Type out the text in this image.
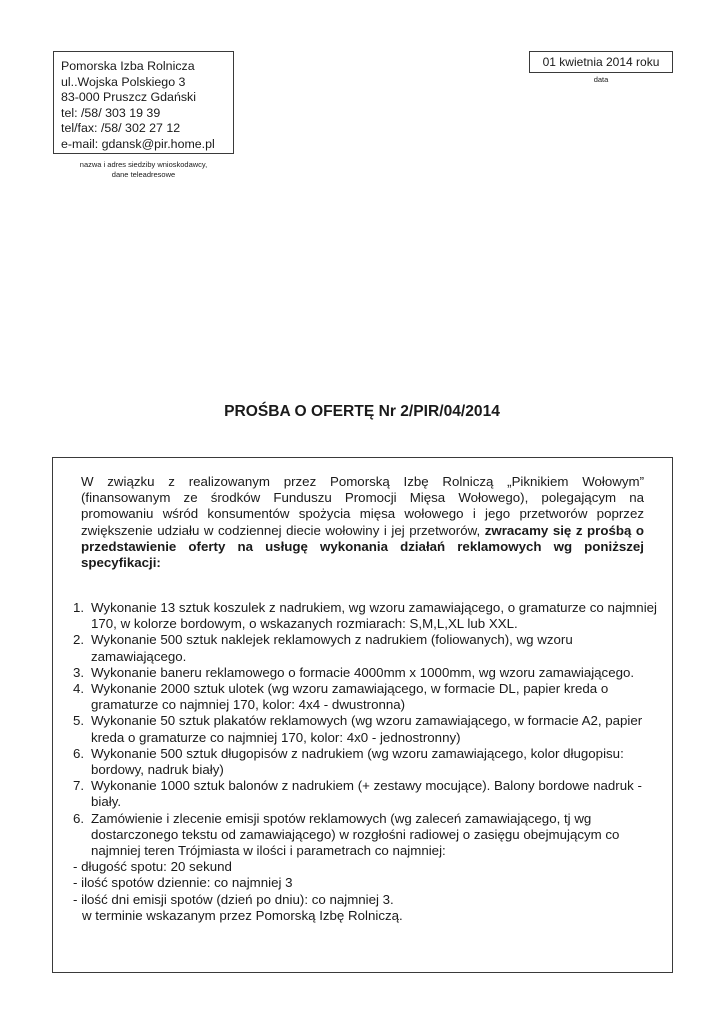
Pomorska Izba Rolnicza
ul..Wojska Polskiego 3
83-000 Pruszcz Gdański
tel: /58/ 303 19 39
tel/fax: /58/ 302 27 12
e-mail: gdansk@pir.home.pl
nazwa i adres siedziby wnioskodawcy,
dane teleadresowe
01 kwietnia 2014 roku
data
PROŚBA O OFERTĘ Nr 2/PIR/04/2014

W związku z realizowanym przez Pomorską Izbę Rolniczą „Piknikiem Wołowym” (finansowanym ze środków Funduszu Promocji Mięsa Wołowego), polegającym na promowaniu wśród konsumentów spożycia mięsa wołowego i jego przetworów poprzez zwiększenie udziału w codziennej diecie wołowiny i jej przetworów, zwracamy się z prośbą o przedstawienie oferty na usługę wykonania działań reklamowych wg poniższej specyfikacji:

1. Wykonanie 13 sztuk koszulek z nadrukiem, wg wzoru zamawiającego, o gramaturze co najmniej 170, w kolorze bordowym, o wskazanych rozmiarach: S,M,L,XL lub XXL.
2. Wykonanie 500 sztuk naklejek reklamowych z nadrukiem (foliowanych), wg wzoru zamawiającego.
3. Wykonanie baneru reklamowego o formacie 4000mm x 1000mm, wg wzoru zamawiającego.
4. Wykonanie 2000 sztuk ulotek (wg wzoru zamawiającego, w formacie DL, papier kreda o gramaturze co najmniej 170, kolor: 4x4 - dwustronna)
5. Wykonanie 50 sztuk plakatów reklamowych (wg wzoru zamawiającego, w formacie A2, papier kreda o gramaturze co najmniej 170, kolor: 4x0 - jednostronny)
6. Wykonanie 500 sztuk długopisów z nadrukiem (wg wzoru zamawiającego, kolor długopisu: bordowy, nadruk biały)
7. Wykonanie 1000 sztuk balonów z nadrukiem (+ zestawy mocujące). Balony bordowe nadruk - biały.
6. Zamówienie i zlecenie emisji spotów reklamowych (wg zaleceń zamawiającego, tj wg dostarczonego tekstu od zamawiającego) w rozgłośni radiowej o zasięgu obejmującym co najmniej teren Trójmiasta w ilości i parametrach co najmniej:
- długość spotu: 20 sekund
- ilość spotów dziennie: co najmniej 3
- ilość dni emisji spotów (dzień po dniu): co najmniej 3.
w terminie wskazanym przez Pomorską Izbę Rolniczą.
